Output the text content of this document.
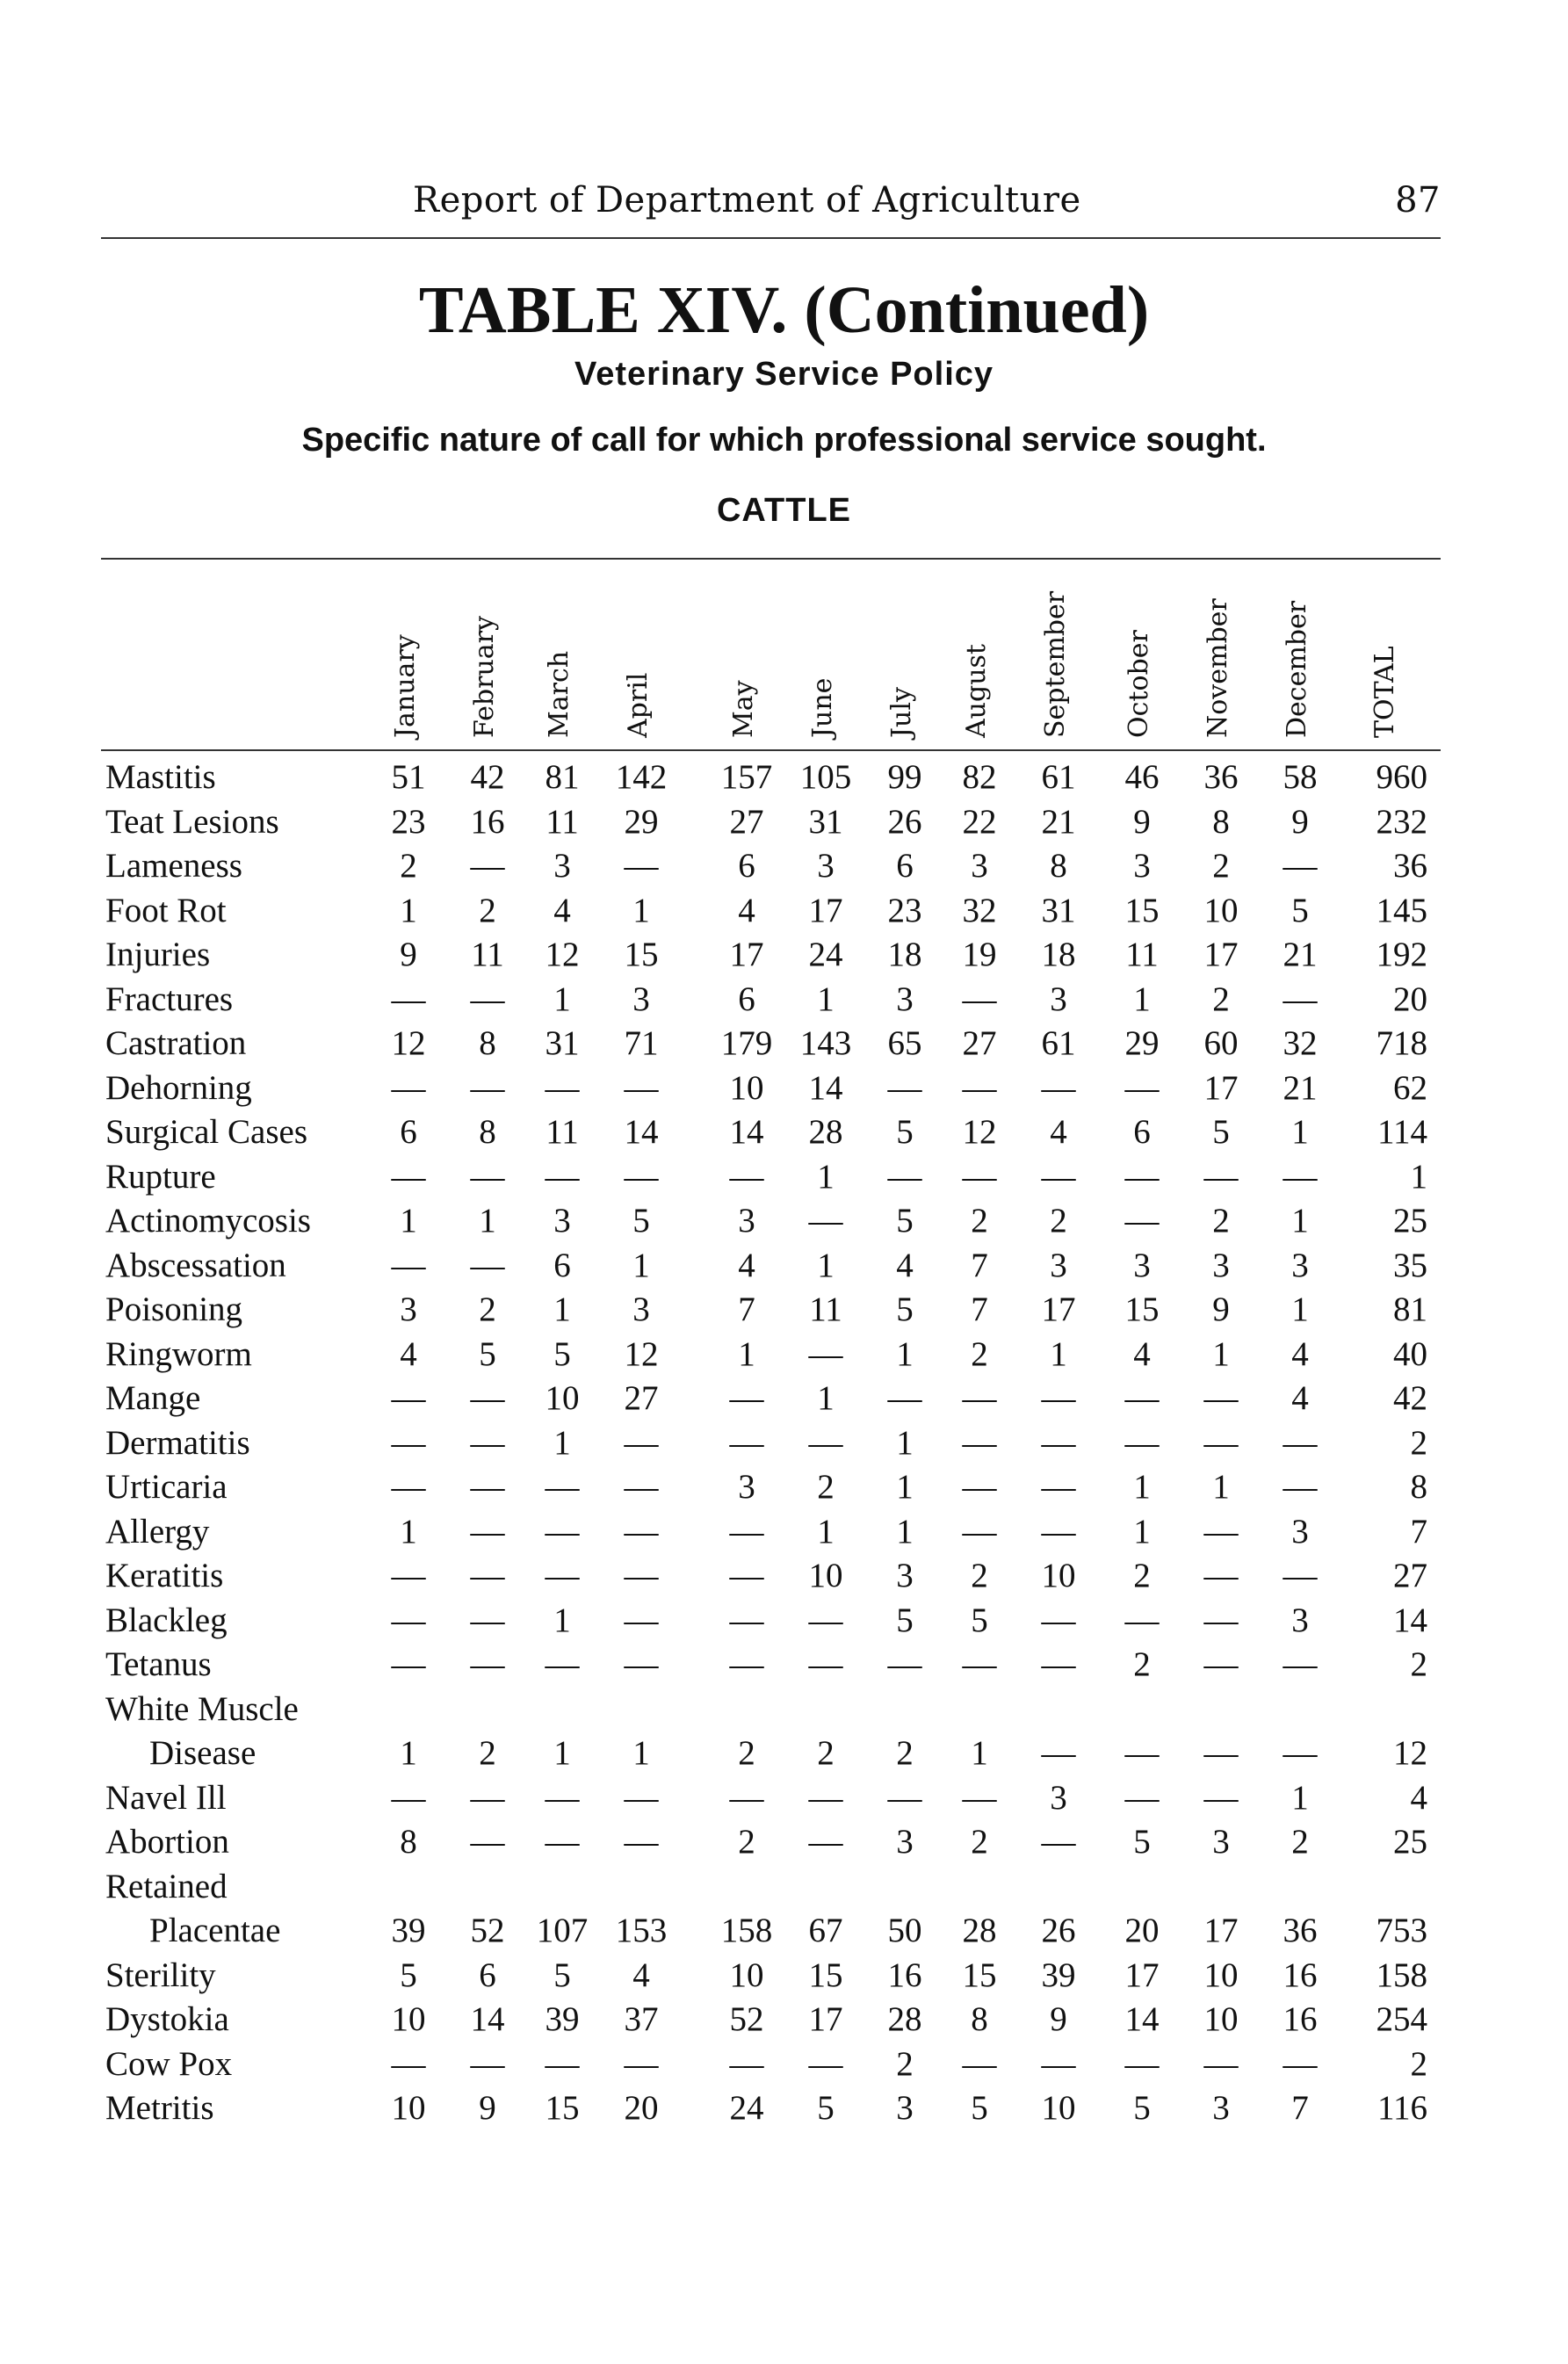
Report of Department of Agriculture	87
TABLE XIV. (Continued)
Veterinary Service Policy
Specific nature of call for which professional service sought.
CATTLE
January February March April	May June July August September October November December TOTAL
Mastitis	51	42	81	142 157 105	99	82	61	46	36	58	960
Teat Lesions	23	16	11	29	27	31	26	22	21	9	8	9	232
Lameness	2	—	3	—	6	3	6	3	8	3	2	—	36
Foot Rot	1	2	4	1	4	17	23	32	31	15	10	5	145
Injuries	9	11	12	15	17	24	18	19	18	11	17	21	192
Fractures	—	—	1	3	6	1	3	—	3	1	2	—	20
Castration	12	8	31	71	179 143	65	27	61	29	60	32	718
Dehorning	—	—	—	—	10	14	—	—	—	—	17	21	62
Surgical Cases	6	8	11	14	14	28	5	12	4	6	5	1	114
Rupture	—	—	—	—	—	1	—	—	—	—	—	—	1
Actinomycosis	1	1	3	5	3	—	5	2	2	—	2	1	25
Abscessation	—	—	6	1	4	1	4	7	3	3	3	3	35
Poisoning	3	2	1	3	7	11	5	7	17	15	9	1	81
Ringworm	4	5	5	12	1	—	1	2	1	4	1	4	40
Mange	—	—	10	27	—	1	—	—	—	—	—	4	42
Dermatitis	—	—	1	—	—	—	1	—	—	—	—	—	2
Urticaria	—	—	—	—	3	2	1	—	—	1	1	—	8
Allergy	1	—	—	—	—	1	1	—	—	1	—	3	7
Keratitis	—	—	—	—	—	10	3	2	10	2	—	—	27
Blackleg	—	—	1	—	—	—	5	5	—	—	—	3	14
Tetanus	—	—	—	—	—	—	—	—	—	2	—	—	2
White Muscle
Disease	1	2	1	1	2	2	2	1	—	—	—	—	12
Navel Ill	—	—	—	—	—	—	—	—	3	—	—	1	4
Abortion	8	—	—	—	2	—	3	2	—	5	3	2	25
Retained
Placentae	39	52 107 153 158	67	50	28	26	20	17	36	753
Sterility	5	6	5	4	10	15	16	15	39	17	10	16	158
Dystokia	10	14	39	37	52	17	28	8	9	14	10	16	254
Cow Pox	—	—	—	—	—	—	2	—	—	—	—	—	2
Metritis	10	9	15	20	24	5	3	5	10	5	3	7	116
